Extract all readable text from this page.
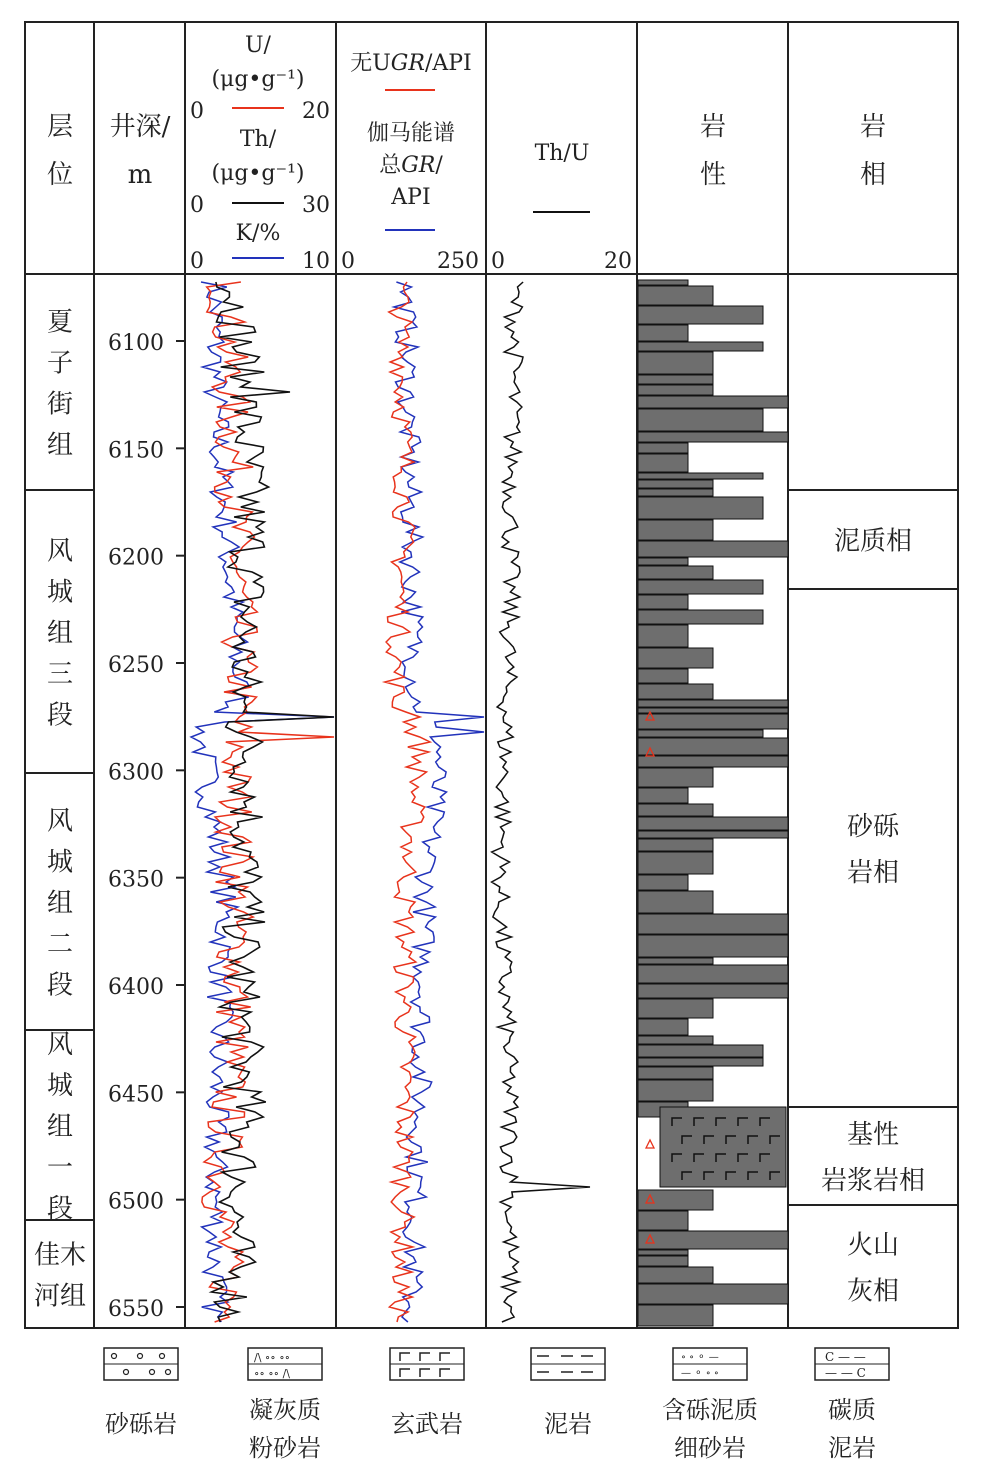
层位
井深/ m
U/
(μg•g⁻¹)
0	20
Th/
(μg•g⁻¹)
0	30
K/%
0	10
无UGR/API
伽马能谱
总GR/
API
0	250
Th/U
0	20
岩性
岩相
夏子街组
风城组三段
风城组二段
风城组一段
佳木河组
6100
6150
6200
6250
6300
6350
6400
6450
6500
6550
泥质相
砂砾岩相
基性岩浆岩相
火山灰相
砂砾岩
/\ ∘∘ ∘∘
∘∘ ∘∘ /\
凝灰质粉砂岩
玄武岩	泥岩
∘ ∘ ⚬ —
— ⚬ ∘ ∘
含砾泥质细砂岩
C — —
— — C
碳质泥岩
